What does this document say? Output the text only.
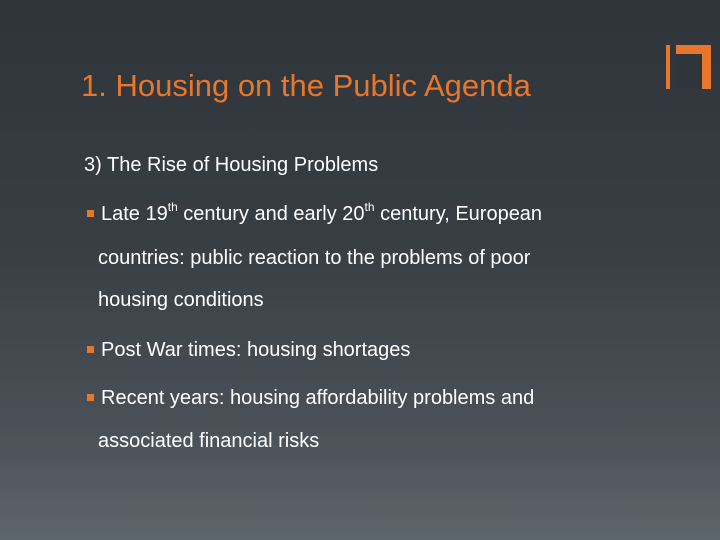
1. Housing on the Public Agenda
3) The Rise of Housing Problems
Late 19th century and early 20th century, European
countries: public reaction to the problems of poor
housing conditions
Post War times: housing shortages
Recent years: housing affordability problems and
associated financial risks
